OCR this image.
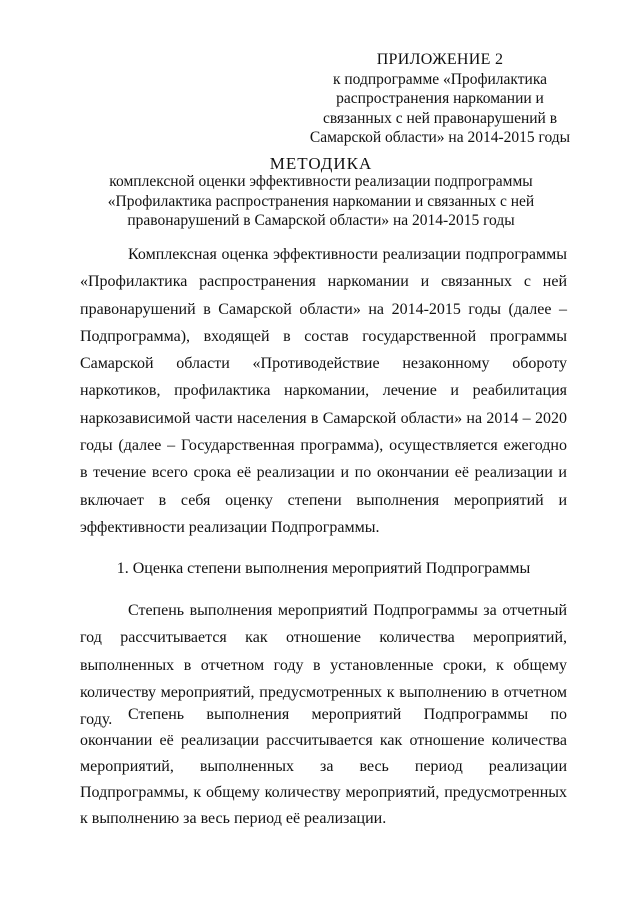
ПРИЛОЖЕНИЕ 2
к подпрограмме «Профилактика
распространения наркомании и
связанных с ней правонарушений в
Самарской области» на 2014-2015 годы
МЕТОДИКА
комплексной оценки эффективности реализации подпрограммы
«Профилактика распространения наркомании и связанных с ней
правонарушений в Самарской области» на 2014-2015 годы

Комплексная оценка эффективности реализации подпрограммы «Профилактика распространения наркомании и связанных с ней правонарушений в Самарской области» на 2014-2015 годы (далее – Подпрограмма), входящей в состав государственной программы Самарской области «Противодействие незаконному обороту наркотиков, профилактика наркомании, лечение и реабилитация наркозависимой части населения в Самарской области» на 2014 – 2020 годы (далее – Государственная программа), осуществляется ежегодно в течение всего срока её реализации и по окончании её реализации и включает в себя оценку степени выполнения мероприятий и эффективности реализации Подпрограммы.

1. Оценка степени выполнения мероприятий Подпрограммы

Степень выполнения мероприятий Подпрограммы за отчетный год рассчитывается как отношение количества мероприятий, выполненных в отчетном году в установленные сроки, к общему количеству мероприятий, предусмотренных к выполнению в отчетном году. Степень выполнения мероприятий Подпрограммы по окончании её реализации рассчитывается как отношение количества мероприятий, выполненных за весь период реализации Подпрограммы, к общему количеству мероприятий, предусмотренных к выполнению за весь период её реализации.
